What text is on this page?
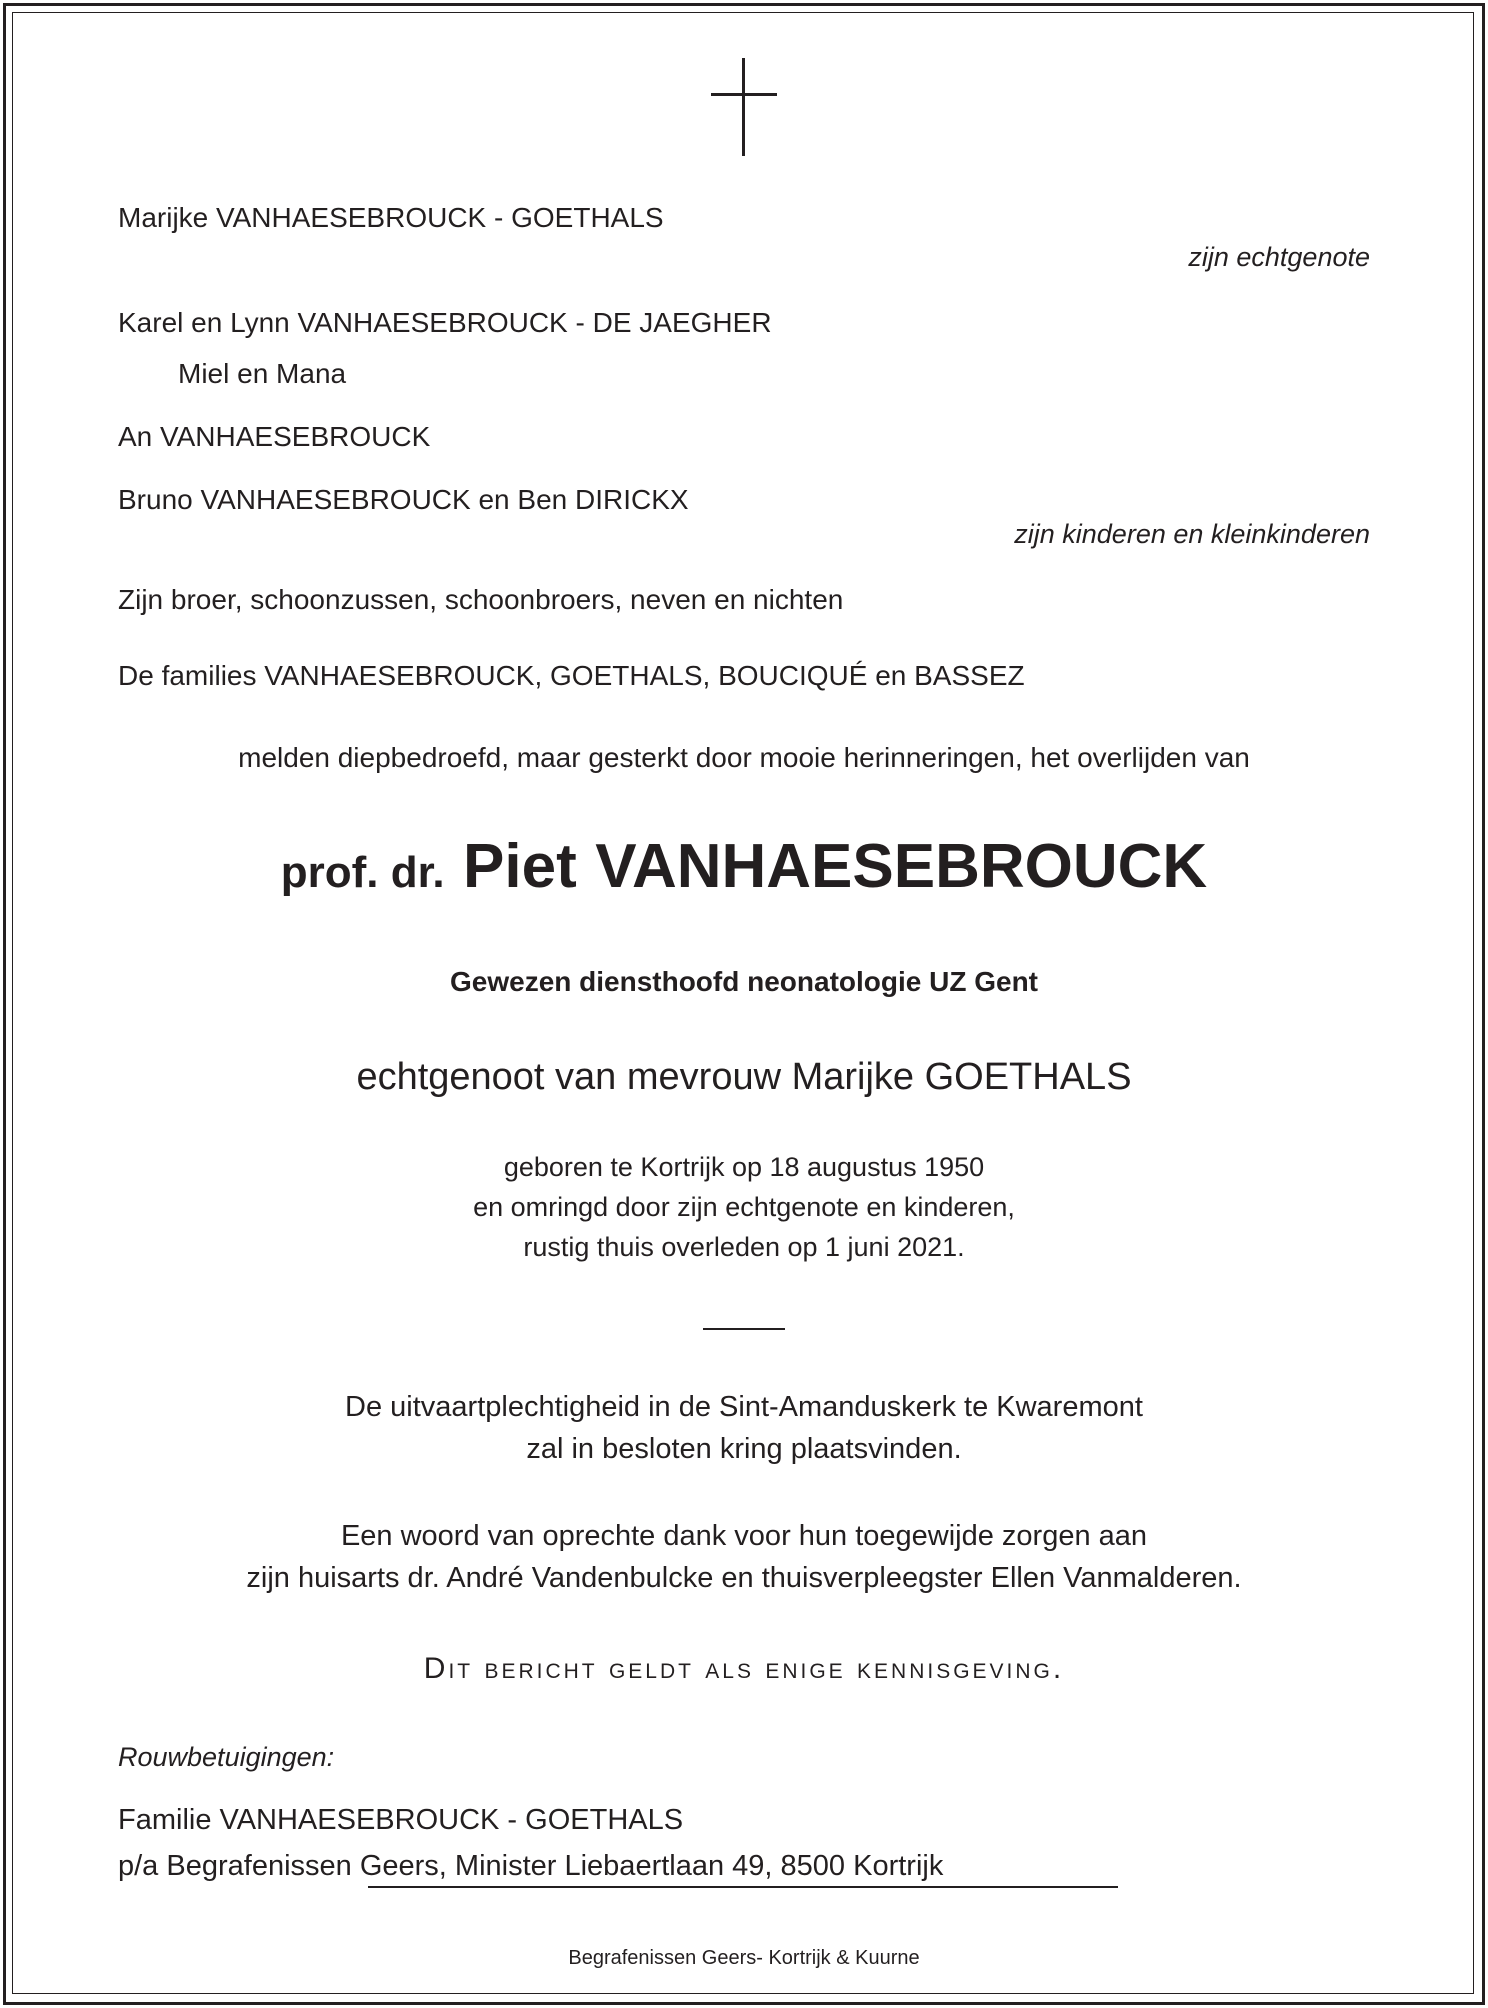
Marijke VANHAESEBROUCK - GOETHALS
zijn echtgenote
Karel en Lynn VANHAESEBROUCK - DE JAEGHER
Miel en Mana
An VANHAESEBROUCK
Bruno VANHAESEBROUCK en Ben DIRICKX
zijn kinderen en kleinkinderen
Zijn broer, schoonzussen, schoonbroers, neven en nichten
De families VANHAESEBROUCK, GOETHALS, BOUCIQUÉ en BASSEZ
melden diepbedroefd, maar gesterkt door mooie herinneringen, het overlijden van
prof. dr. Piet VANHAESEBROUCK
Gewezen diensthoofd neonatologie UZ Gent
echtgenoot van mevrouw Marijke GOETHALS
geboren te Kortrijk op 18 augustus 1950
en omringd door zijn echtgenote en kinderen,
rustig thuis overleden op 1 juni 2021.
De uitvaartplechtigheid in de Sint-Amanduskerk te Kwaremont
zal in besloten kring plaatsvinden.
Een woord van oprechte dank voor hun toegewijde zorgen aan
zijn huisarts dr. André Vandenbulcke en thuisverpleegster Ellen Vanmalderen.
Dit bericht geldt als enige kennisgeving.
Rouwbetuigingen:
Familie VANHAESEBROUCK - GOETHALS
p/a Begrafenissen Geers, Minister Liebaertlaan 49, 8500 Kortrijk
Begrafenissen Geers- Kortrijk & Kuurne
